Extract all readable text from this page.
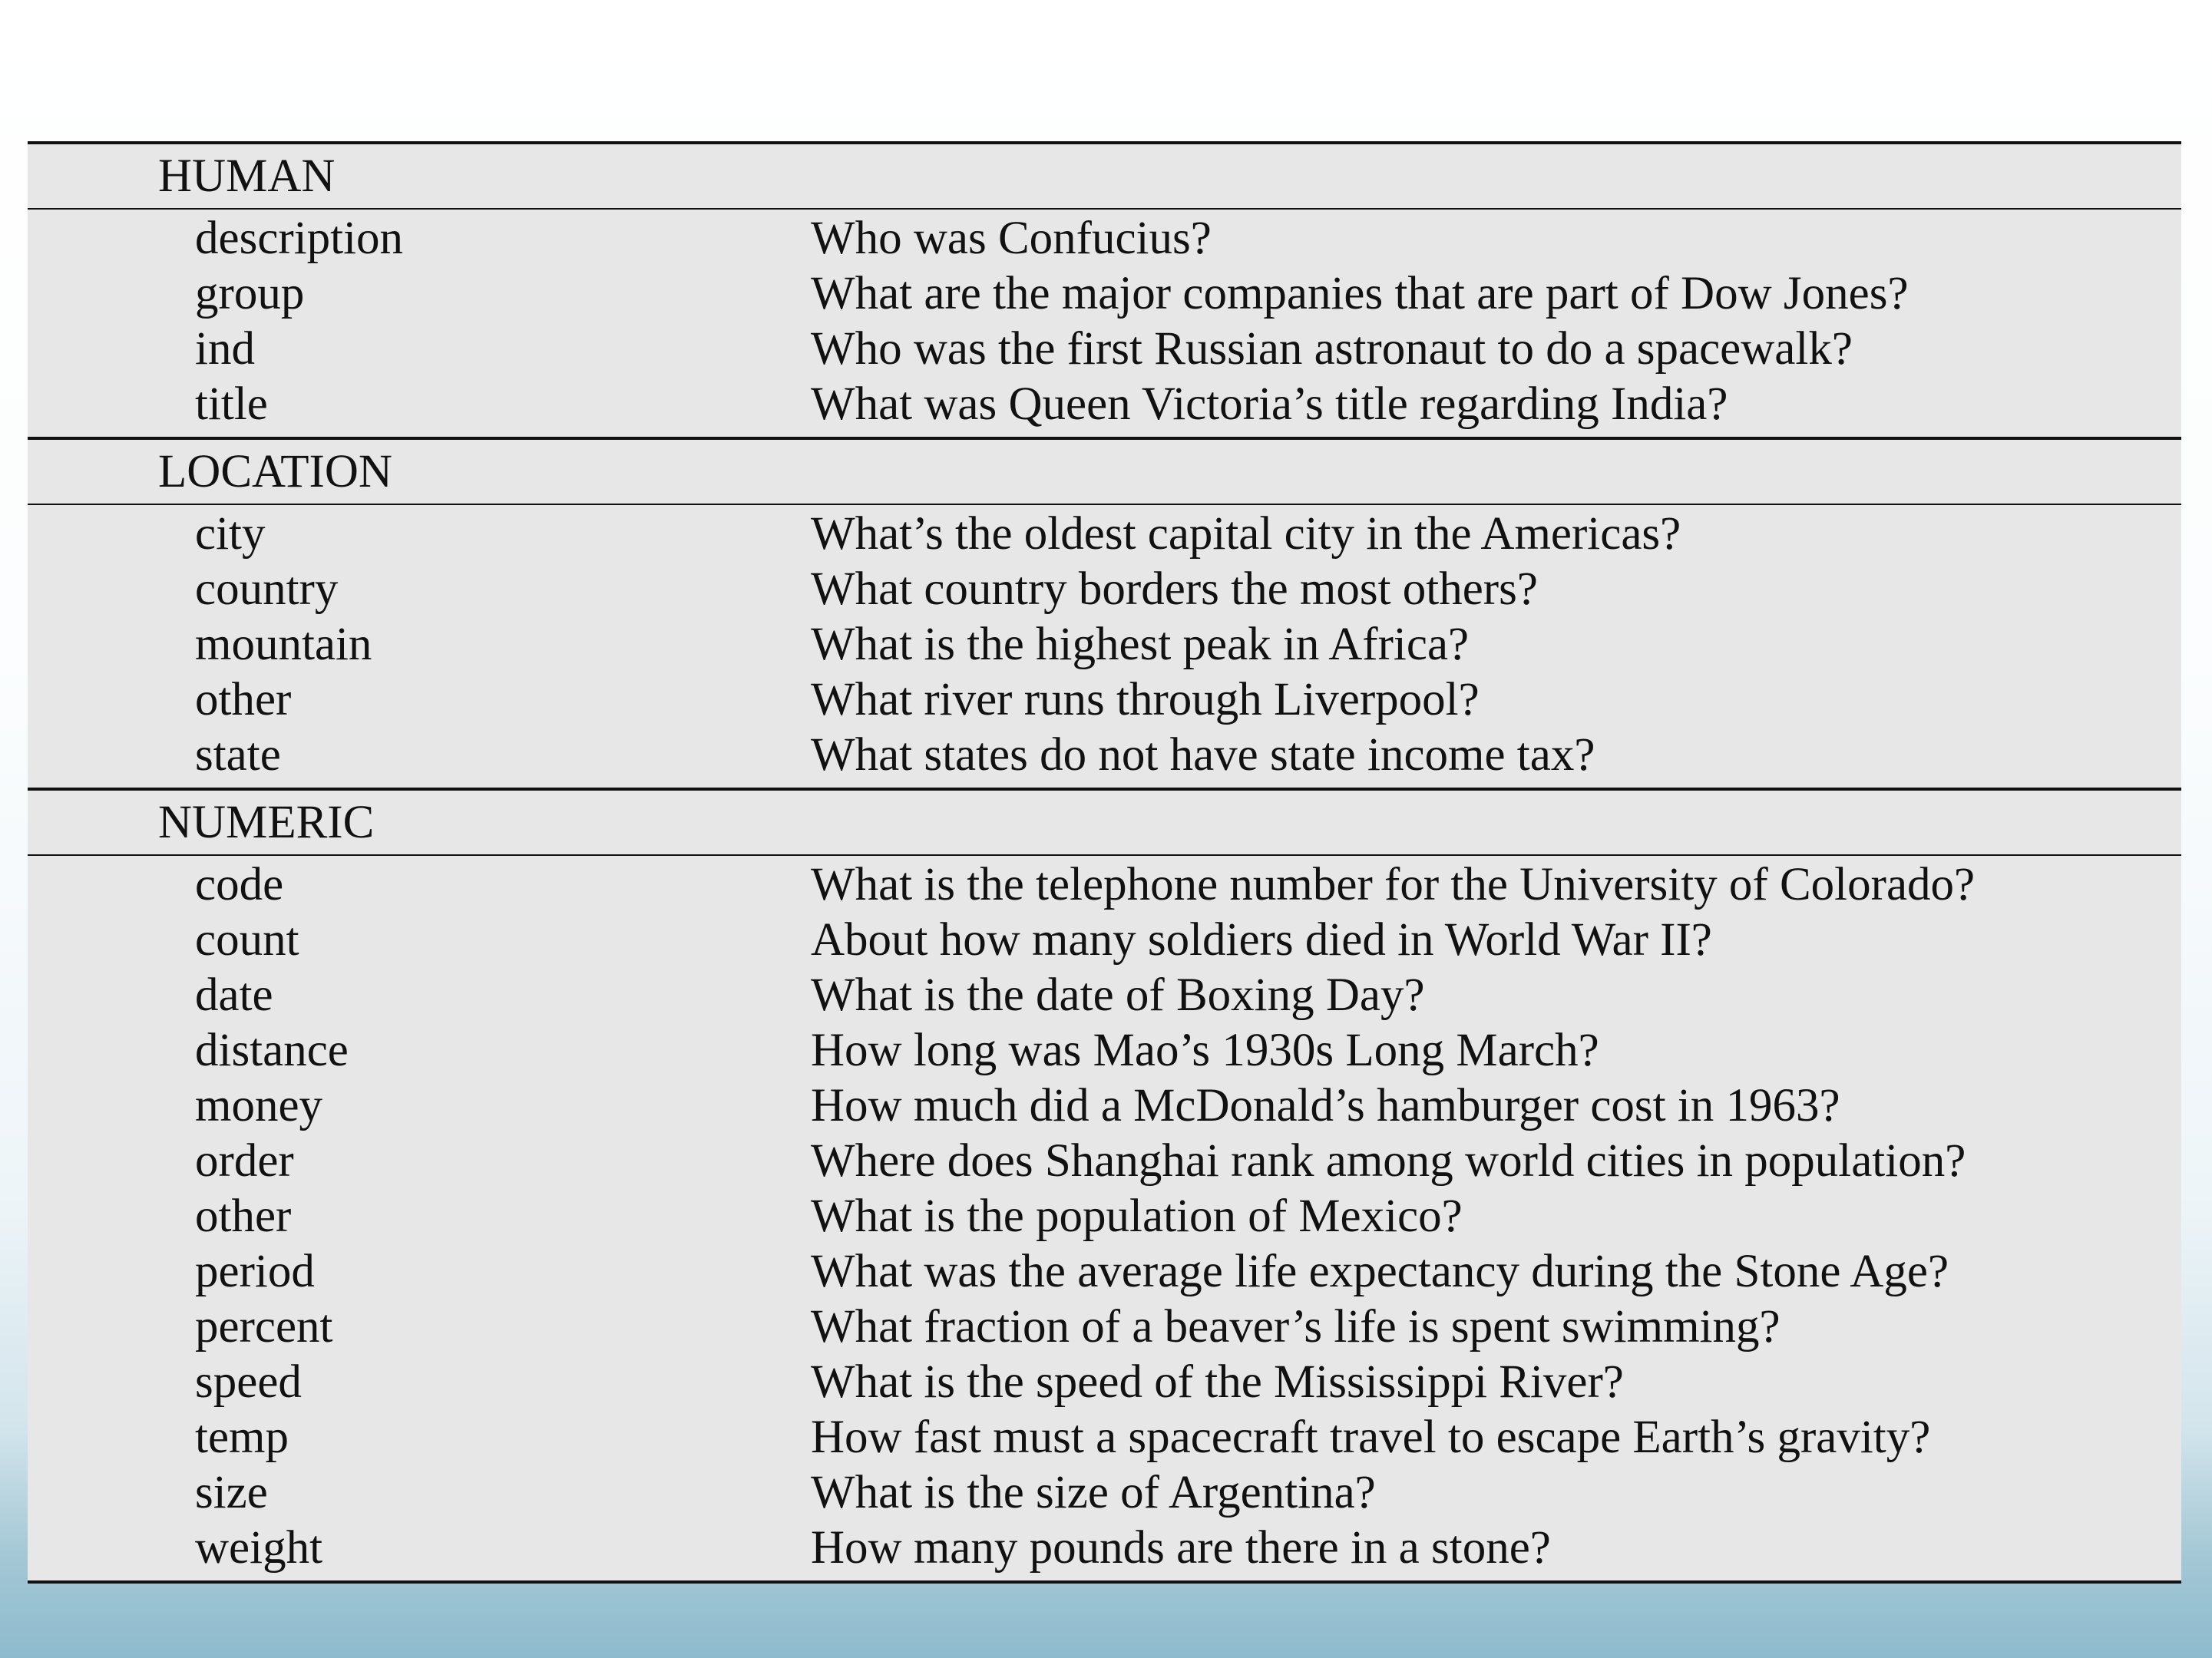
HUMAN
description	Who was Confucius?
group	What are the major companies that are part of Dow Jones?
ind	Who was the first Russian astronaut to do a spacewalk?
title	What was Queen Victoria’s title regarding India?
LOCATION
city	What’s the oldest capital city in the Americas?
country	What country borders the most others?
mountain	What is the highest peak in Africa?
other	What river runs through Liverpool?
state	What states do not have state income tax?
NUMERIC
code	What is the telephone number for the University of Colorado?
count	About how many soldiers died in World War II?
date	What is the date of Boxing Day?
distance	How long was Mao’s 1930s Long March?
money	How much did a McDonald’s hamburger cost in 1963?
order	Where does Shanghai rank among world cities in population?
other	What is the population of Mexico?
period	What was the average life expectancy during the Stone Age?
percent	What fraction of a beaver’s life is spent swimming?
speed	What is the speed of the Mississippi River?
temp	How fast must a spacecraft travel to escape Earth’s gravity?
size	What is the size of Argentina?
weight	How many pounds are there in a stone?
